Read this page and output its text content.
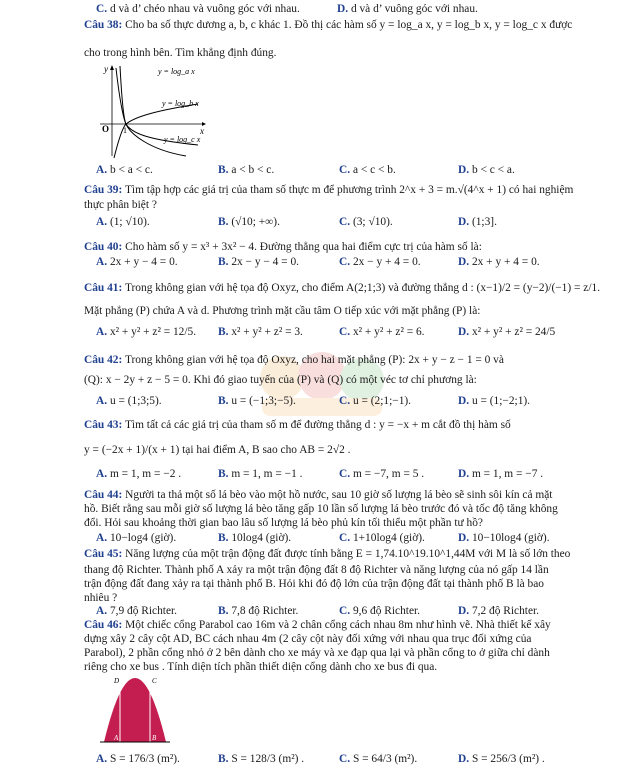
C. d và d’ chéo nhau và vuông góc với nhau.	D. d và d’ vuông góc với nhau.
Câu 38: Cho ba số thực dương a, b, c khác 1. Đồ thị các hàm số y = log_a x, y = log_b x, y = log_c x được
cho trong hình bên. Tìm khẳng định đúng.
y
x
O 1
y = log_a x
y = log_b x
y = log_c x
A. b < a < c.	B. a < b < c.	C. a < c < b.	D. b < c < a.
Câu 39: Tìm tập hợp các giá trị của tham số thực m để phương trình 2^x + 3 = m.√(4^x + 1) có hai nghiệm
thực phân biệt ?
A. (1; √10).	B. (√10; +∞).	C. (3; √10).	D. (1;3].
Câu 40: Cho hàm số y = x³ + 3x² − 4. Đường thẳng qua hai điểm cực trị của hàm số là:
A. 2x + y − 4 = 0.	B. 2x − y − 4 = 0.	C. 2x − y + 4 = 0.	D. 2x + y + 4 = 0.
Câu 41: Trong không gian với hệ tọa độ Oxyz, cho điểm A(2;1;3) và đường thẳng d : (x−1)/2 = (y−2)/(−1) = z/1.
Mặt phẳng (P) chứa A và d. Phương trình mặt cầu tâm O tiếp xúc với mặt phẳng (P) là:
A. x² + y² + z² = 12/5. B. x² + y² + z² = 3.	C. x² + y² + z² = 6.	D. x² + y² + z² = 24/5
Câu 42: Trong không gian với hệ tọa độ Oxyz, cho hai mặt phẳng (P): 2x + y − z − 1 = 0 và
(Q): x − 2y + z − 5 = 0. Khi đó giao tuyến của (P) và (Q) có một véc tơ chỉ phương là:
A. u = (1;3;5).	B. u = (−1;3;−5).	C. u = (2;1;−1).	D. u = (1;−2;1).
Câu 43: Tìm tất cả các giá trị của tham số m để đường thẳng d : y = −x + m cắt đồ thị hàm số
y = (−2x + 1)/(x + 1) tại hai điểm A, B sao cho AB = 2√2 .
A. m = 1, m = −2 .	B. m = 1, m = −1 .	C. m = −7, m = 5 .	D. m = 1, m = −7 .
Câu 44: Người ta thả một số lá bèo vào một hồ nước, sau 10 giờ số lượng lá bèo sẽ sinh sôi kín cả mặt
hồ. Biết rằng sau mỗi giờ số lượng lá bèo tăng gấp 10 lần số lượng lá bèo trước đó và tốc độ tăng không
đổi. Hỏi sau khoảng thời gian bao lâu số lượng lá bèo phủ kín tối thiểu một phần tư hồ?
A. 10−log4 (giờ).	B. 10log4 (giờ).	C. 1+10log4 (giờ).	D. 10−10log4 (giờ).
Câu 45: Năng lượng của một trận động đất được tính bằng E = 1,74.10^19.10^1,44M với M là số lớn theo
thang độ Richter. Thành phố A xảy ra một trận động đất 8 độ Richter và năng lượng của nó gấp 14 lần
trận động đất đang xảy ra tại thành phố B. Hỏi khi đó độ lớn của trận động đất tại thành phố B là bao
nhiêu ?
A. 7,9 độ Richter.	B. 7,8 độ Richter.	C. 9,6 độ Richter.	D. 7,2 độ Richter.
Câu 46: Một chiếc cổng Parabol cao 16m và 2 chân cổng cách nhau 8m như hình vẽ. Nhà thiết kế xây
dựng xây 2 cây cột AD, BC cách nhau 4m (2 cây cột này đối xứng với nhau qua trục đối xứng của
Parabol), 2 phần cổng nhỏ ở 2 bên dành cho xe máy và xe đạp qua lại và phần cổng to ở giữa chỉ dành
riêng cho xe bus . Tính diện tích phần thiết diện cổng dành cho xe bus đi qua.
D	C
A	B
A. S = 176/3 (m²).	B. S = 128/3 (m²) .	C. S = 64/3 (m²).	D. S = 256/3 (m²) .
